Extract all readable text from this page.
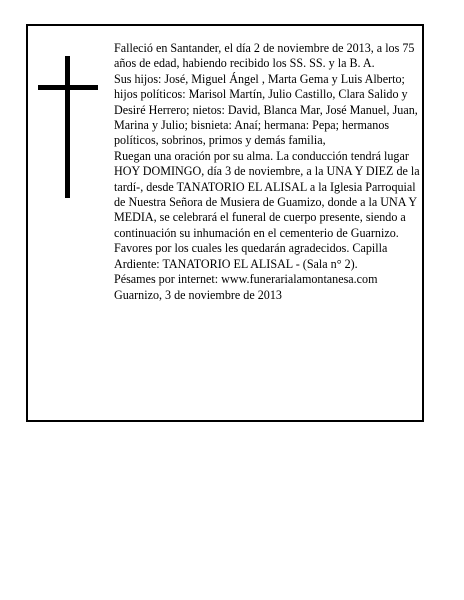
Falleció en Santander, el día 2 de noviembre de 2013, a los 75 años de edad, habiendo recibido los SS. SS. y la B. A.

Sus hijos: José, Miguel Ángel , Marta Gema y Luis Alberto; hijos políticos: Marisol Martín, Julio Castillo, Clara Salido y Desiré Herrero; nietos: David, Blanca Mar, José Manuel, Juan, Marina y Julio; bisnieta: Anaí; hermana: Pepa; hermanos políticos, sobrinos, primos y demás familia,

Ruegan una oración por su alma. La conducción tendrá lugar HOY DOMINGO, día 3 de noviembre, a la UNA Y DIEZ de la tardí-, desde TANATORIO EL ALISAL a la Iglesia Parroquial de Nuestra Señora de Musiera de Guamizo, donde a la UNA Y MEDIA, se celebrará el funeral de cuerpo presente, siendo a continuación su inhumación en el cementerio de Guarnizo. Favores por los cuales les quedarán agradecidos. Capilla Ardiente: TANATORIO EL ALISAL - (Sala n° 2).

Pésames por internet: www.funerarialamontanesa.com

Guarnizo, 3 de noviembre de 2013
